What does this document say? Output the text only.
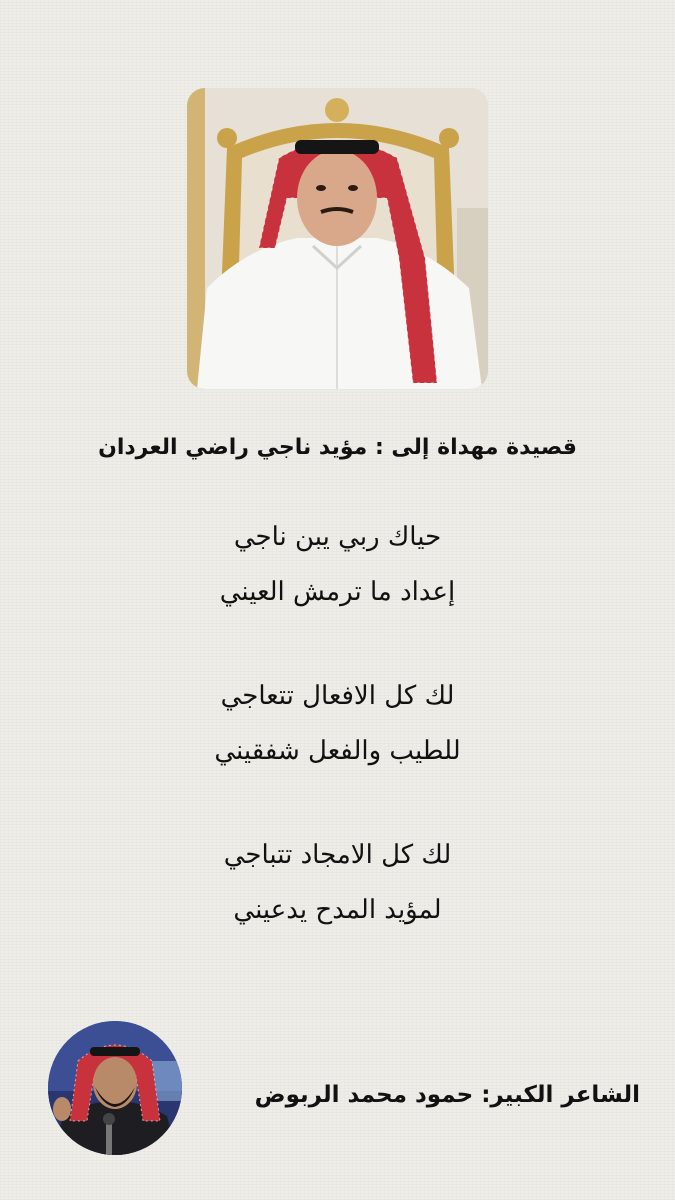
قصيدة مهداة إلى : مؤيد ناجي راضي العردان
حياك ربي يبن ناجي
إعداد ما ترمش العيني
لك كل الافعال تتعاجي
للطيب والفعل شفقيني
لك كل الامجاد تتباجي
لمؤيد المدح يدعيني
الشاعر الكبير: حمود محمد الربوض
